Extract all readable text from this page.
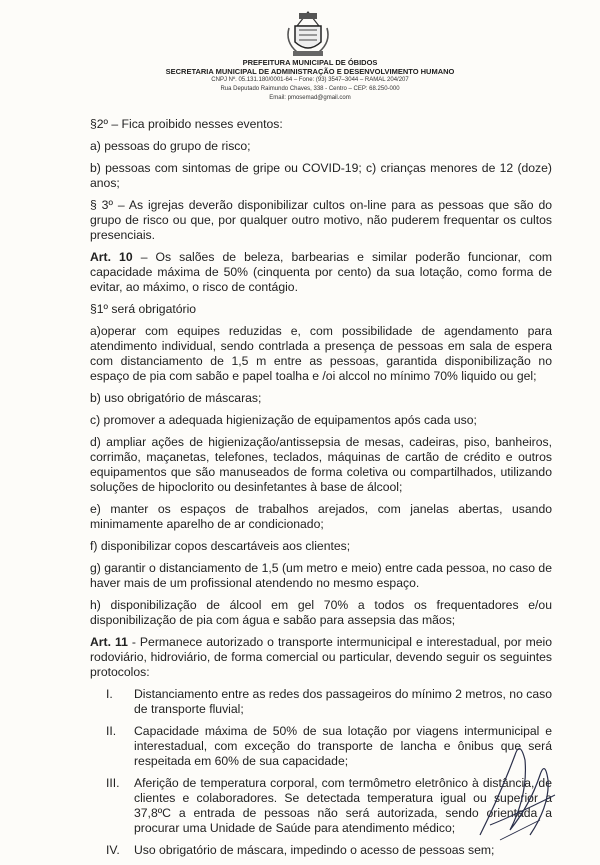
PREFEITURA MUNICIPAL DE ÓBIDOS
SECRETARIA MUNICIPAL DE ADMINISTRAÇÃO E DESENVOLVIMENTO HUMANO
CNPJ Nº. 05.131.180/0001-64 – Fone: (93) 3547–3044 – RAMAL 204/207
Rua Deputado Raimundo Chaves, 338 - Centro – CEP: 68.250-000
Email: pmosemad@gmail.com

§2º – Fica proibido nesses eventos:

a) pessoas do grupo de risco;

b) pessoas com sintomas de gripe ou COVID-19; c) crianças menores de 12 (doze) anos;

§ 3º – As igrejas deverão disponibilizar cultos on-line para as pessoas que são do grupo de risco ou que, por qualquer outro motivo, não puderem frequentar os cultos presenciais.

Art. 10 – Os salões de beleza, barbearias e similar poderão funcionar, com capacidade máxima de 50% (cinquenta por cento) da sua lotação, como forma de evitar, ao máximo, o risco de contágio.

§1º será obrigatório

a)operar com equipes reduzidas e, com possibilidade de agendamento para atendimento individual, sendo contrlada a presença de pessoas em sala de espera com distanciamento de 1,5 m entre as pessoas, garantida disponibilização no espaço de pia com sabão e papel toalha e /oi alccol no mínimo 70% liquido ou gel;

b) uso obrigatório de máscaras;

c) promover a adequada higienização de equipamentos após cada uso;

d) ampliar ações de higienização/antissepsia de mesas, cadeiras, piso, banheiros, corrimão, maçanetas, telefones, teclados, máquinas de cartão de crédito e outros equipamentos que são manuseados de forma coletiva ou compartilhados, utilizando soluções de hipoclorito ou desinfetantes à base de álcool;

e) manter os espaços de trabalhos arejados, com janelas abertas, usando minimamente aparelho de ar condicionado;

f) disponibilizar copos descartáveis aos clientes;

g) garantir o distanciamento de 1,5 (um metro e meio) entre cada pessoa, no caso de haver mais de um profissional atendendo no mesmo espaço.

h) disponibilização de álcool em gel 70% a todos os frequentadores e/ou disponibilização de pia com água e sabão para assepsia das mãos;

Art. 11 - Permanece autorizado o transporte intermunicipal e interestadual, por meio rodoviário, hidroviário, de forma comercial ou particular, devendo seguir os seguintes protocolos:

I.	Distanciamento entre as redes dos passageiros do mínimo 2 metros, no caso de transporte fluvial;
II.	Capacidade máxima de 50% de sua lotação por viagens intermunicipal e interestadual, com exceção do transporte de lancha e ônibus que será respeitada em 60% de sua capacidade;
III.	Aferição de temperatura corporal, com termômetro eletrônico à distância, de clientes e colaboradores. Se detectada temperatura igual ou superior a 37,8ºC a entrada de pessoas não será autorizada, sendo orientada a procurar uma Unidade de Saúde para atendimento médico;
IV.	Uso obrigatório de máscara, impedindo o acesso de pessoas sem;
